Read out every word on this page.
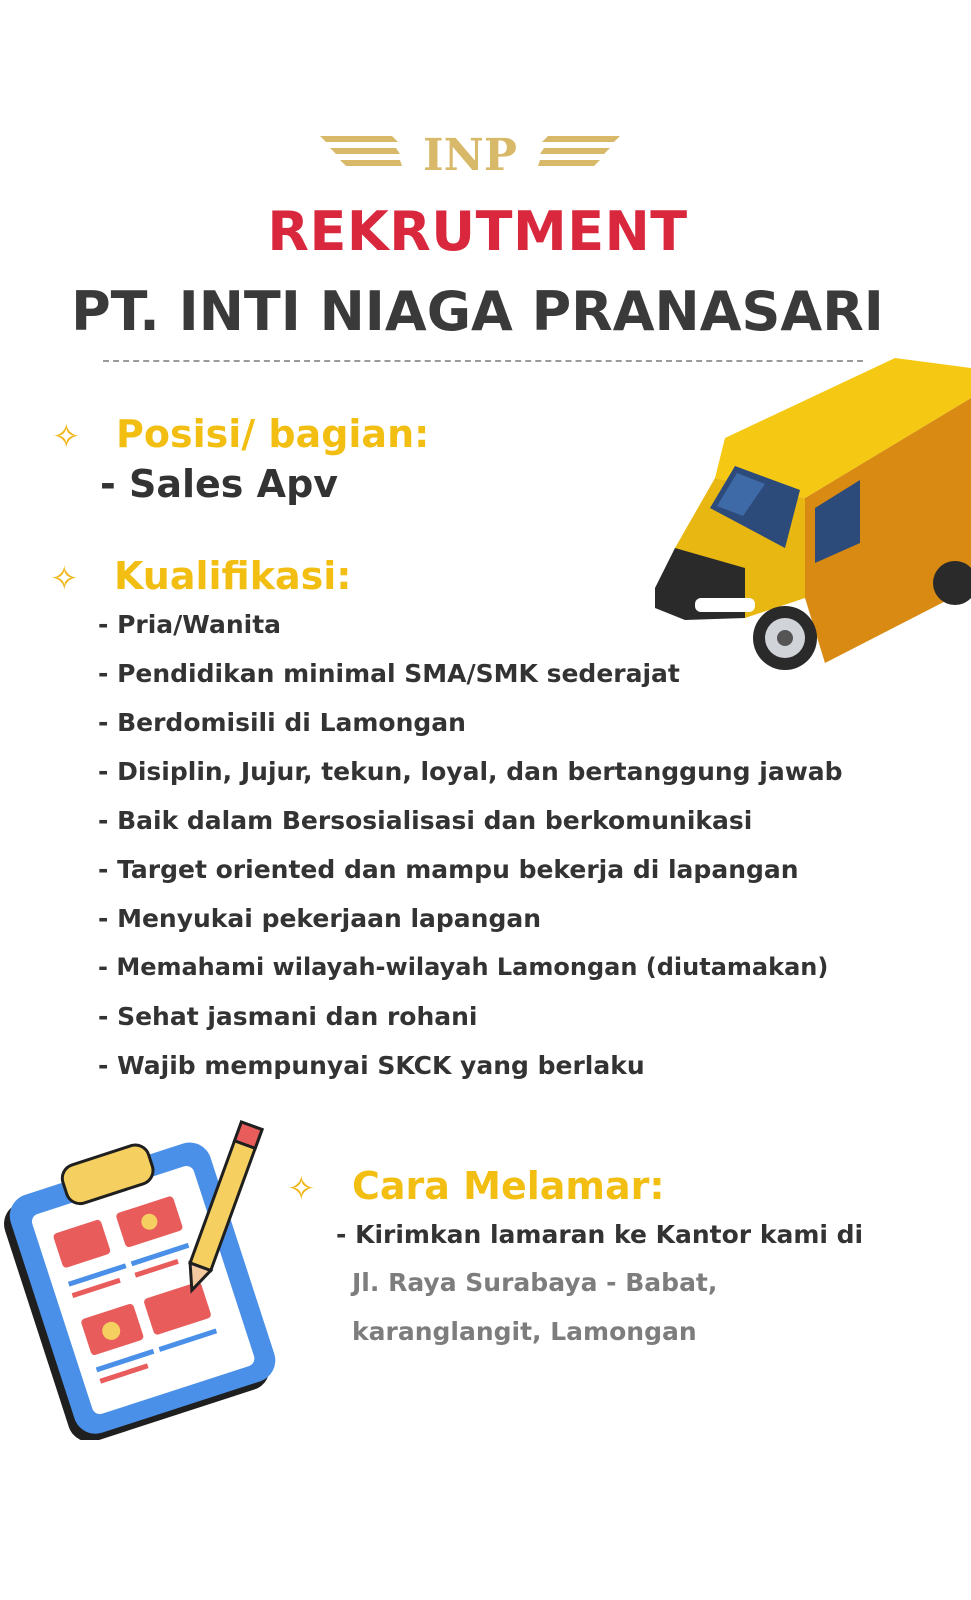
INP
REKRUTMENT
PT. INTI NIAGA PRANASARI
✧ Posisi/ bagian:
- Sales Apv
✧ Kualifikasi:
- Pria/Wanita
- Pendidikan minimal SMA/SMK sederajat
- Berdomisili di Lamongan
- Disiplin, Jujur, tekun, loyal, dan bertanggung jawab
- Baik dalam Bersosialisasi dan berkomunikasi
- Target oriented dan mampu bekerja di lapangan
- Menyukai pekerjaan lapangan
- Memahami wilayah-wilayah Lamongan (diutamakan)
- Sehat jasmani dan rohani
- Wajib mempunyai SKCK yang berlaku
✧ Cara Melamar:
- Kirimkan lamaran ke Kantor kami di
Jl. Raya Surabaya - Babat,
karanglangit, Lamongan
